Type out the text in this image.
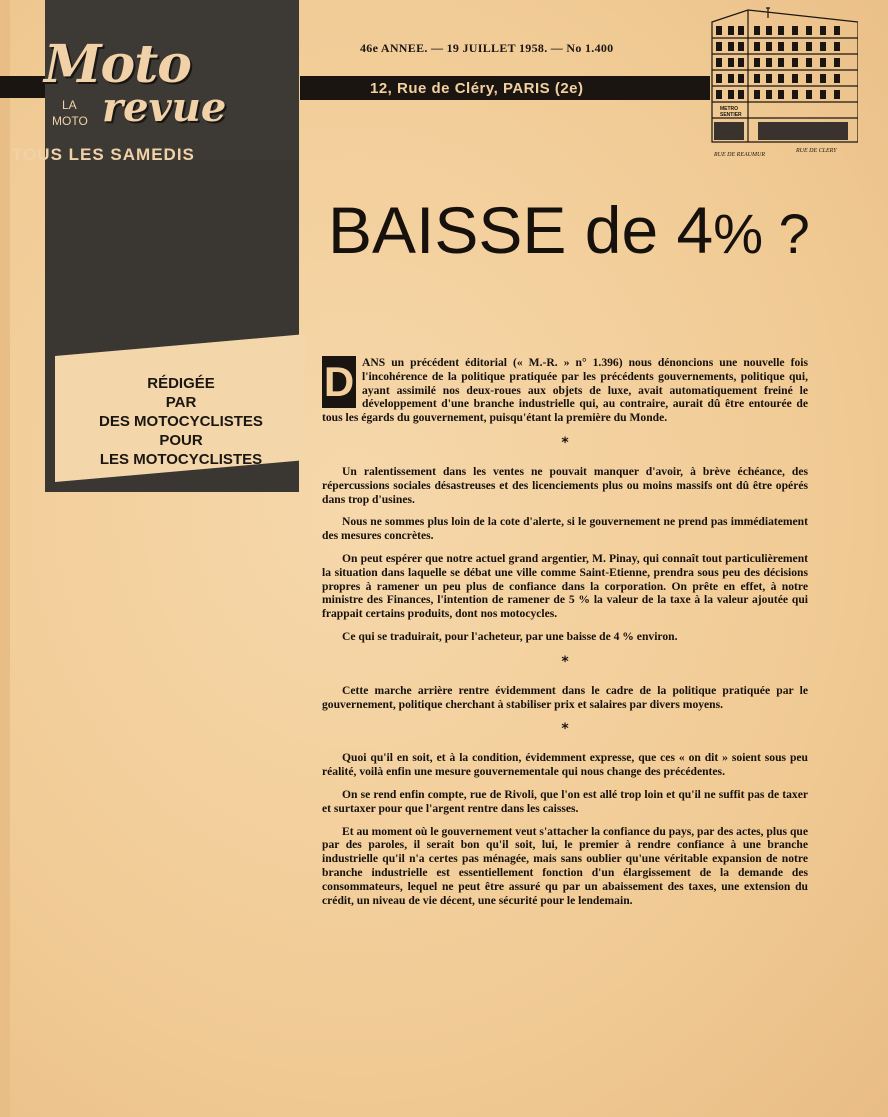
46e ANNEE. — 19 JUILLET 1958. — No 1.400
12, Rue de Cléry, PARIS (2e)
Moto
LA
MOTO revue
TOUS LES SAMEDIS
RÉDIGÉE
PAR
DES MOTOCYCLISTES
POUR
LES MOTOCYCLISTES
METRO
SENTIER
RUE DE REAUMUR
RUE DE CLERY
BAISSE de 4% ?

D ANS un précédent éditorial (« M.-R. » n° 1.396) nous dénoncions une nouvelle fois l'incohérence de la politique pratiquée par les précédents gouvernements, politique qui, ayant assimilé nos deux-roues aux objets de luxe, avait automatiquement freiné le développement d'une branche industrielle qui, au contraire, aurait dû être entourée de tous les égards du gouvernement, puisqu'étant la première du Monde.

*

Un ralentissement dans les ventes ne pouvait manquer d'avoir, à brève échéance, des répercussions sociales désastreuses et des licenciements plus ou moins massifs ont dû être opérés dans trop d'usines.

Nous ne sommes plus loin de la cote d'alerte, si le gouvernement ne prend pas immédiatement des mesures concrètes.

On peut espérer que notre actuel grand argentier, M. Pinay, qui connaît tout particulièrement la situation dans laquelle se débat une ville comme Saint-Etienne, prendra sous peu des décisions propres à ramener un peu plus de confiance dans la corporation. On prête en effet, à notre ministre des Finances, l'intention de ramener de 5 % la valeur de la taxe à la valeur ajoutée qui frappait certains produits, dont nos motocycles.

Ce qui se traduirait, pour l'acheteur, par une baisse de 4 % environ.

*

Cette marche arrière rentre évidemment dans le cadre de la politique pratiquée par le gouvernement, politique cherchant à stabiliser prix et salaires par divers moyens.

*

Quoi qu'il en soit, et à la condition, évidemment expresse, que ces « on dit » soient sous peu réalité, voilà enfin une mesure gouvernementale qui nous change des précédentes.

On se rend enfin compte, rue de Rivoli, que l'on est allé trop loin et qu'il ne suffit pas de taxer et surtaxer pour que l'argent rentre dans les caisses.

Et au moment où le gouvernement veut s'attacher la confiance du pays, par des actes, plus que par des paroles, il serait bon qu'il soit, lui, le premier à rendre confiance à une branche industrielle qu'il n'a certes pas ménagée, mais sans oublier qu'une véritable expansion de notre branche industrielle est essentiellement fonction d'un élargissement de la demande des consommateurs, lequel ne peut être assuré qu par un abaissement des taxes, une extension du crédit, un niveau de vie décent, une sécurité pour le lendemain.
